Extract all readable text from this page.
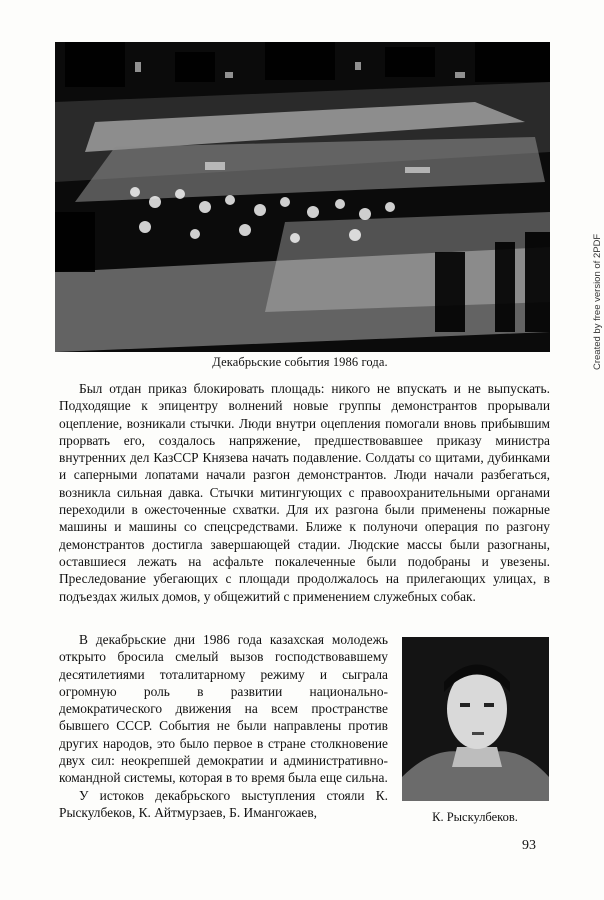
Декабрьские события 1986 года.

Был отдан приказ блокировать площадь: никого не впускать и не выпускать. Подходящие к эпицентру волнений новые группы демонстрантов прорывали оцепление, возникали стычки. Люди внутри оцепления помогали вновь прибывшим прорвать его, создалось напряжение, предшествовавшее приказу министра внутренних дел КазССР Князева начать подавление. Солдаты со щитами, дубинками и саперными лопатами начали разгон демонстрантов. Люди начали разбегаться, возникла сильная давка. Стычки митингующих с правоохранительными органами переходили в ожесточенные схватки. Для их разгона были применены пожарные машины и машины со спецсредствами. Ближе к полуночи операция по разгону демонстрантов достигла завершающей стадии. Людские массы были разогнаны, оставшиеся лежать на асфальте покалеченные были подобраны и увезены. Преследование убегающих с площади продолжалось на прилегающих улицах, в подъездах жилых домов, у общежитий с применением служебных собак.

В декабрьские дни 1986 года казахская молодежь открыто бросила смелый вызов господствовавшему десятилетиями тоталитарному режиму и сыграла огромную роль в развитии национально-демократического движения на всем пространстве бывшего СССР. События не были направлены против других народов, это было первое в стране столкновение двух сил: неокрепшей демократии и административно-командной системы, которая в то время была еще сильна.

У истоков декабрьского выступления стояли К. Рыскулбеков, К. Айтмурзаев, Б. Имангожаев,	К. Рыскулбеков.
93
Created by free version of 2PDF
